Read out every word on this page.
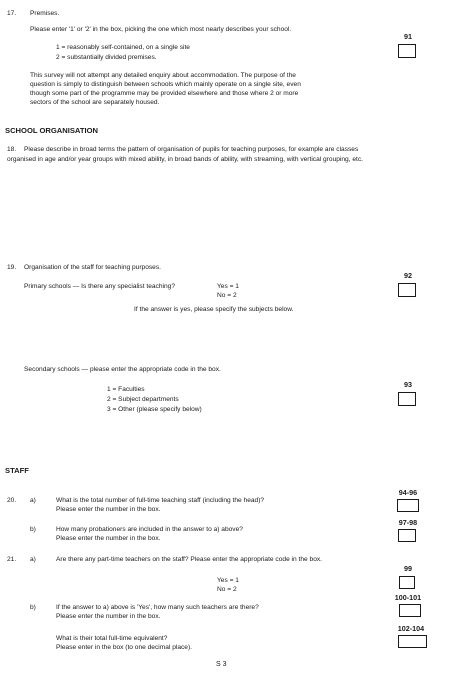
17. Premises.
Please enter '1' or '2' in the box, picking the one which most nearly describes your school.
1 = reasonably self-contained, on a single site
2 = substantially divided premises.
91
This survey will not attempt any detailed enquiry about accommodation. The purpose of the
question is simply to distinguish between schools which mainly operate on a single site, even
though some part of the programme may be provided elsewhere and those where 2 or more
sectors of the school are separately housed.
SCHOOL ORGANISATION
18. Please describe in broad terms the pattern of organisation of pupils for teaching purposes, for example are classes
organised in age and/or year groups with mixed ability, in broad bands of ability, with streaming, with vertical grouping, etc.
19. Organisation of the staff for teaching purposes.
Primary schools — Is there any specialist teaching?	Yes = 1
No = 2
If the answer is yes, please specify the subjects below.
92
Secondary schools — please enter the appropriate code in the box.
1 = Faculties
2 = Subject departments
3 = Other (please specify below)
93
STAFF
20. a)	What is the total number of full-time teaching staff (including the head)?
Please enter the number in the box.
94-96
b)	How many probationers are included in the answer to a) above?
Please enter the number in the box.
97-98
21. a)	Are there any part-time teachers on the staff? Please enter the appropriate code in the box.
Yes = 1
No = 2
99
b)	If the answer to a) above is 'Yes', how many such teachers are there?
Please enter the number in the box.
100-101
What is their total full-time equivalent?
Please enter in the box (to one decimal place).
102-104
S 3
